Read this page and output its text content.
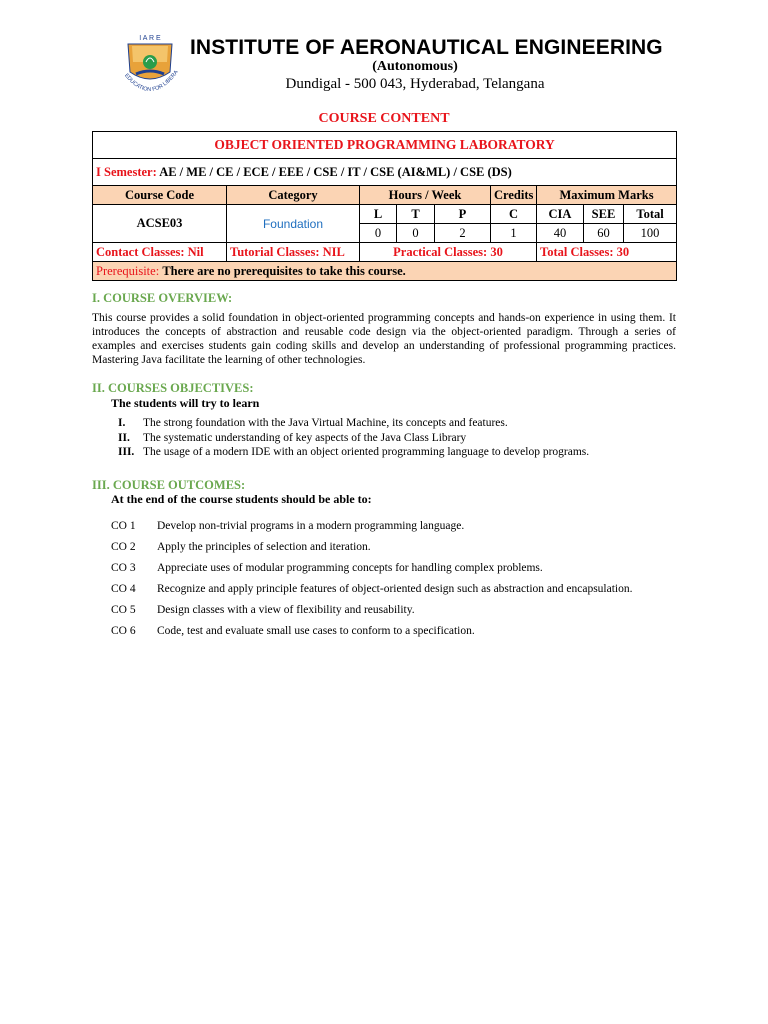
I A R E
EDUCATION FOR LIBERA
INSTITUTE OF AERONAUTICAL ENGINEERING
(Autonomous)
Dundigal - 500 043, Hyderabad, Telangana
COURSE CONTENT
OBJECT ORIENTED PROGRAMMING LABORATORY								
I Semester: AE / ME / CE / ECE / EEE / CSE / IT / CSE (AI&ML) / CSE (DS)								
Course Code	Category	Hours / Week			Credits	Maximum Marks		
ACSE03	Foundation	L	T	P	C	CIA	SEE	Total
		0	0	2	1	40	60	100
Contact Classes: Nil	Tutorial Classes: NIL	Practical Classes: 30				Total Classes: 30		
Prerequisite: There are no prerequisites to take this course.								
I. COURSE OVERVIEW:
This course provides a solid foundation in object-oriented programming concepts and hands-on experience in using them. It introduces the concepts of abstraction and reusable code design via the object-oriented paradigm. Through a series of examples and exercises students gain coding skills and develop an understanding of professional programming practices. Mastering Java facilitate the learning of other technologies.
II. COURSES OBJECTIVES:
The students will try to learn
I.	The strong foundation with the Java Virtual Machine, its concepts and features.
II.	The systematic understanding of key aspects of the Java Class Library
III. The usage of a modern IDE with an object oriented programming language to develop programs.
III. COURSE OUTCOMES:
At the end of the course students should be able to:
CO 1	Develop non-trivial programs in a modern programming language.
CO 2	Apply the principles of selection and iteration.
CO 3	Appreciate uses of modular programming concepts for handling complex problems.
CO 4	Recognize and apply principle features of object-oriented design such as abstraction and encapsulation.
CO 5	Design classes with a view of flexibility and reusability.
CO 6	Code, test and evaluate small use cases to conform to a specification.
